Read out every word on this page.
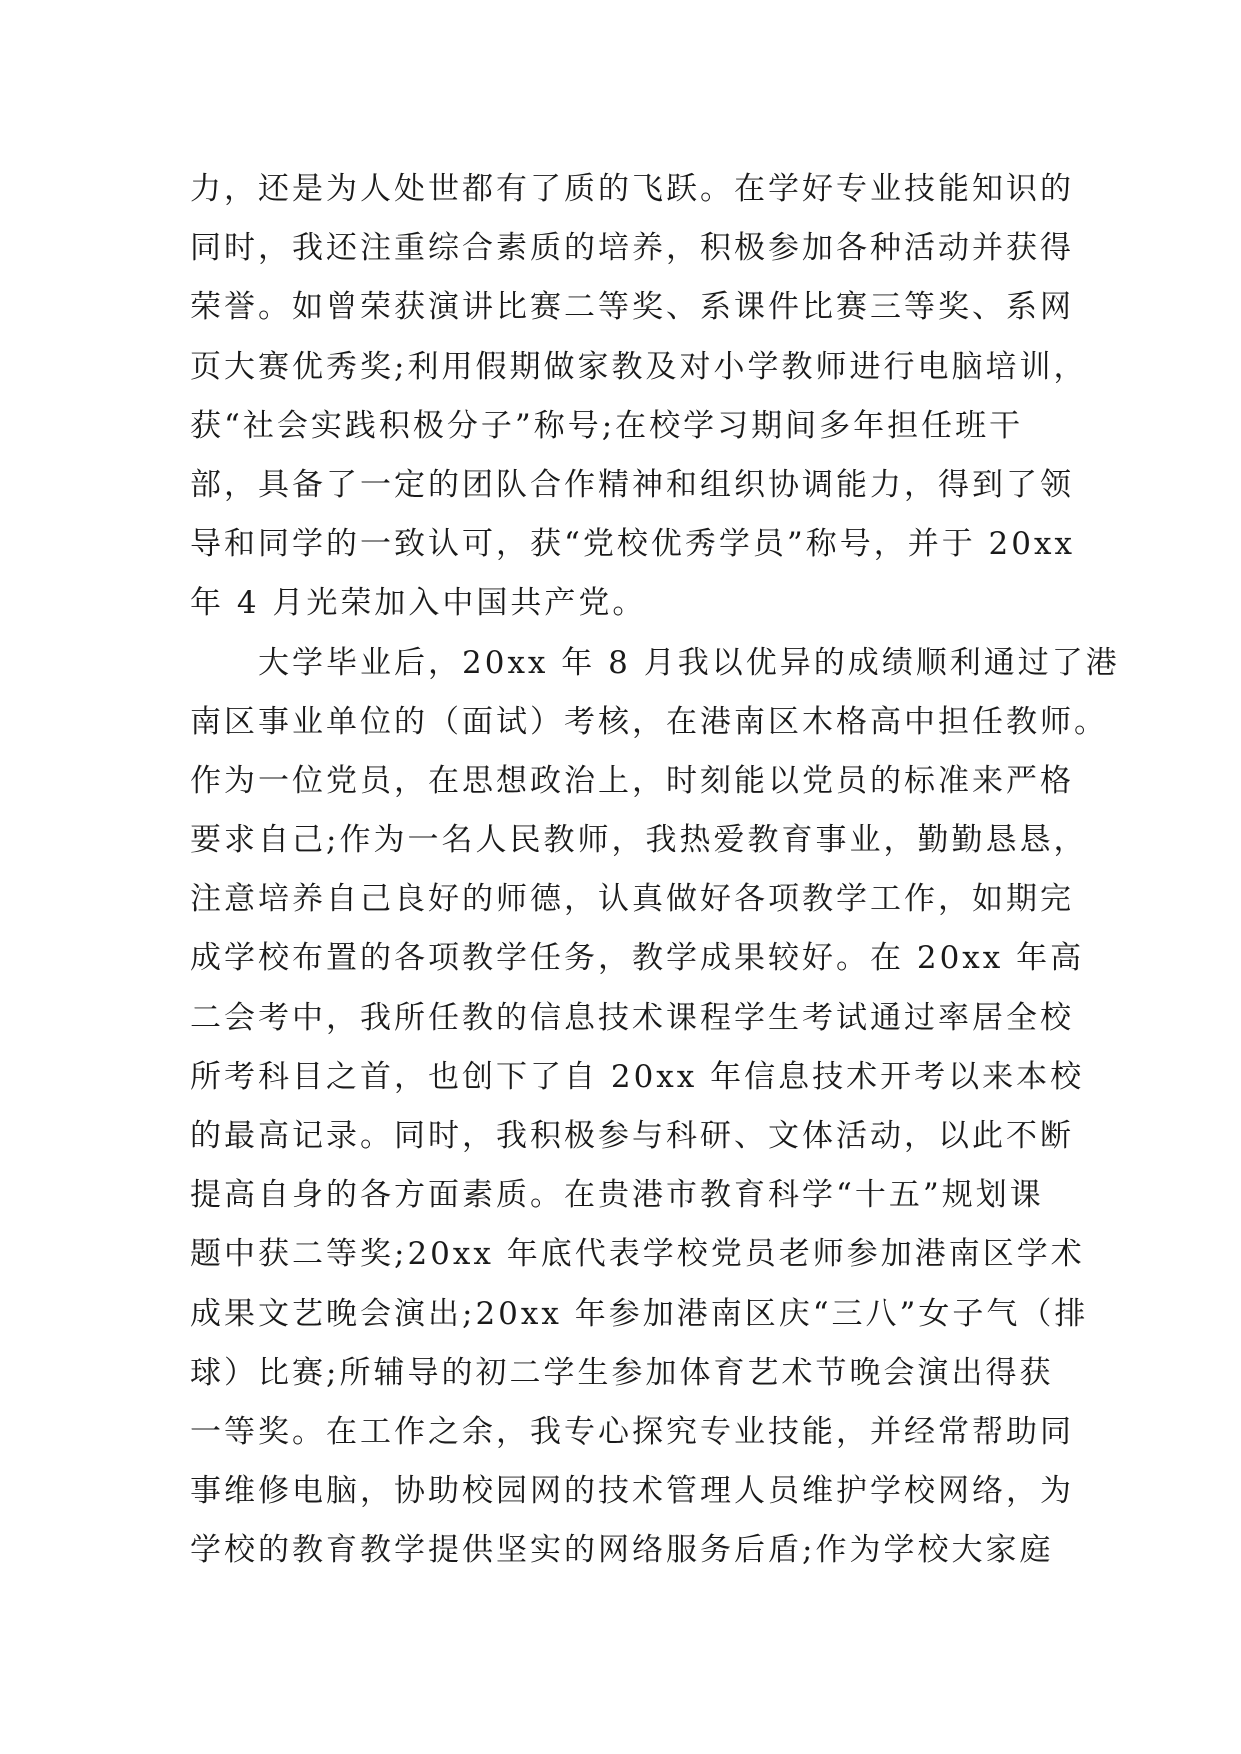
力，还是为人处世都有了质的飞跃。在学好专业技能知识的
同时，我还注重综合素质的培养，积极参加各种活动并获得
荣誉。如曾荣获演讲比赛二等奖、系课件比赛三等奖、系网
页大赛优秀奖;利用假期做家教及对小学教师进行电脑培训，
获“社会实践积极分子”称号;在校学习期间多年担任班干
部，具备了一定的团队合作精神和组织协调能力，得到了领
导和同学的一致认可，获“党校优秀学员”称号，并于 20xx
年 4 月光荣加入中国共产党。
　　大学毕业后，20xx 年 8 月我以优异的成绩顺利通过了港
南区事业单位的（面试）考核，在港南区木格高中担任教师。
作为一位党员，在思想政治上，时刻能以党员的标准来严格
要求自己;作为一名人民教师，我热爱教育事业，勤勤恳恳，
注意培养自己良好的师德，认真做好各项教学工作，如期完
成学校布置的各项教学任务，教学成果较好。在 20xx 年高
二会考中，我所任教的信息技术课程学生考试通过率居全校
所考科目之首，也创下了自 20xx 年信息技术开考以来本校
的最高记录。同时，我积极参与科研、文体活动，以此不断
提高自身的各方面素质。在贵港市教育科学“十五”规划课
题中获二等奖;20xx 年底代表学校党员老师参加港南区学术
成果文艺晚会演出;20xx 年参加港南区庆“三八”女子气（排
球）比赛;所辅导的初二学生参加体育艺术节晚会演出得获
一等奖。在工作之余，我专心探究专业技能，并经常帮助同
事维修电脑，协助校园网的技术管理人员维护学校网络，为
学校的教育教学提供坚实的网络服务后盾;作为学校大家庭
